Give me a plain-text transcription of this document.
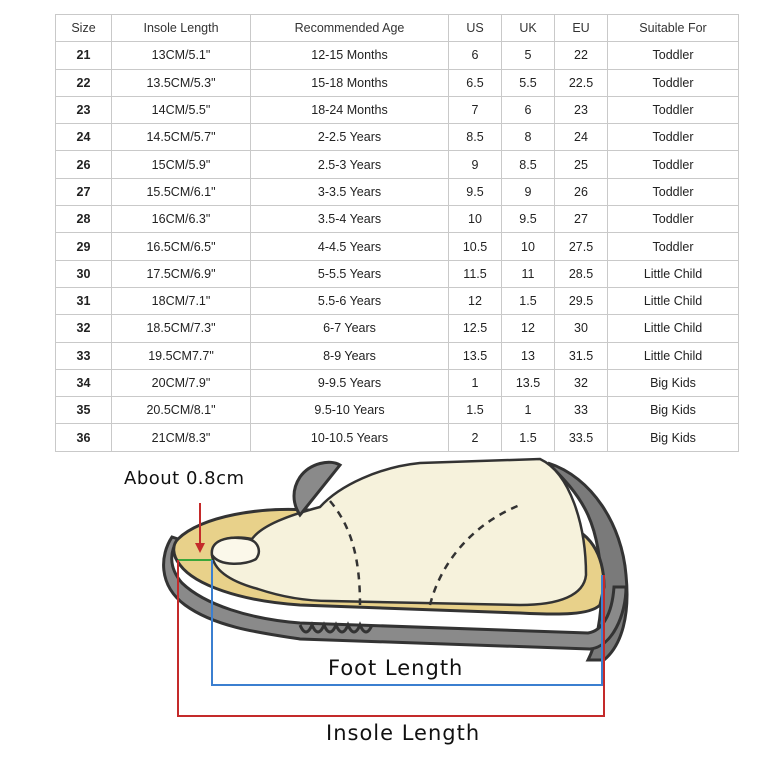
Size	Insole Length	Recommended Age	US	UK	EU	Suitable For
21	13CM/5.1"	12-15 Months	6	5	22	Toddler
22	13.5CM/5.3"	15-18 Months	6.5	5.5	22.5	Toddler
23	14CM/5.5"	18-24 Months	7	6	23	Toddler
24	14.5CM/5.7"	2-2.5 Years	8.5	8	24	Toddler
26	15CM/5.9"	2.5-3 Years	9	8.5	25	Toddler
27	15.5CM/6.1"	3-3.5 Years	9.5	9	26	Toddler
28	16CM/6.3"	3.5-4 Years	10	9.5	27	Toddler
29	16.5CM/6.5"	4-4.5 Years	10.5	10	27.5	Toddler
30	17.5CM/6.9"	5-5.5 Years	11.5	11	28.5	Little Child
31	18CM/7.1"	5.5-6 Years	12	1.5	29.5	Little Child
32	18.5CM/7.3"	6-7 Years	12.5	12	30	Little Child
33	19.5CM7.7"	8-9 Years	13.5	13	31.5	Little Child
34	20CM/7.9"	9-9.5 Years	1	13.5	32	Big Kids
35	20.5CM/8.1"	9.5-10 Years	1.5	1	33	Big Kids
36	21CM/8.3"	10-10.5 Years	2	1.5	33.5	Big Kids
About 0.8cm
Foot Length
Insole Length
